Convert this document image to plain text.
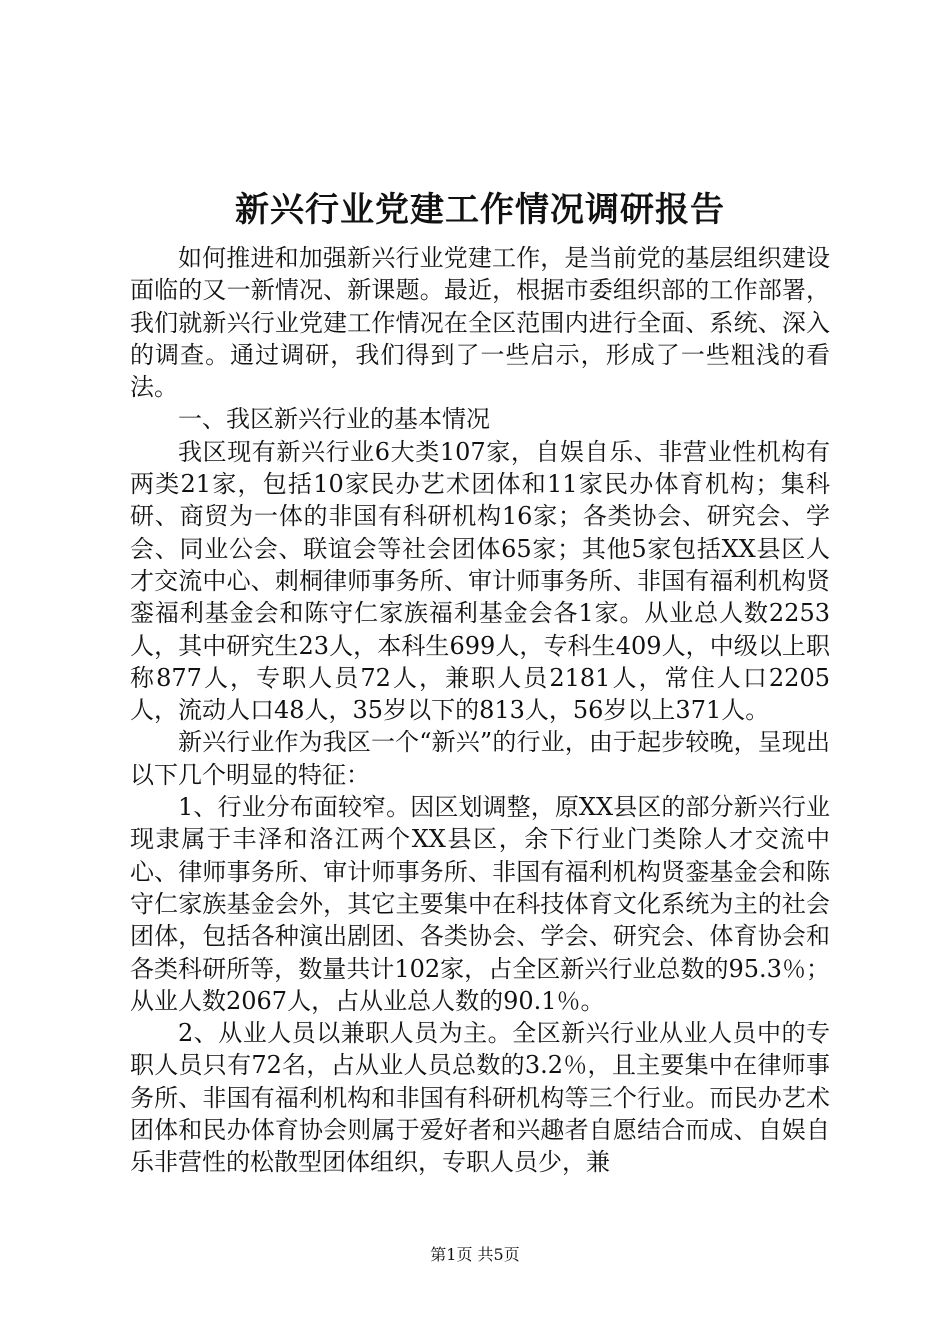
新兴行业党建工作情况调研报告

如何推进和加强新兴行业党建工作，是当前党的基层组织建设面临的又一新情况、新课题。最近，根据市委组织部的工作部署，我们就新兴行业党建工作情况在全区范围内进行全面、系统、深入的调查。通过调研，我们得到了一些启示，形成了一些粗浅的看法。

一、我区新兴行业的基本情况

我区现有新兴行业6大类107家，自娱自乐、非营业性机构有两类21家，包括10家民办艺术团体和11家民办体育机构；集科研、商贸为一体的非国有科研机构16家；各类协会、研究会、学会、同业公会、联谊会等社会团体65家；其他5家包括XX县区人才交流中心、刺桐律师事务所、审计师事务所、非国有福利机构贤銮福利基金会和陈守仁家族福利基金会各1家。从业总人数2253人，其中研究生23人，本科生699人，专科生409人，中级以上职称877人，专职人员72人，兼职人员2181人，常住人口2205人，流动人口48人，35岁以下的813人，56岁以上371人。

新兴行业作为我区一个“新兴”的行业，由于起步较晚，呈现出以下几个明显的特征：

1、行业分布面较窄。因区划调整，原XX县区的部分新兴行业现隶属于丰泽和洛江两个XX县区，余下行业门类除人才交流中心、律师事务所、审计师事务所、非国有福利机构贤銮基金会和陈守仁家族基金会外，其它主要集中在科技体育文化系统为主的社会团体，包括各种演出剧团、各类协会、学会、研究会、体育协会和各类科研所等，数量共计102家，占全区新兴行业总数的95.3％；从业人数2067人，占从业总人数的90.1％。

2、从业人员以兼职人员为主。全区新兴行业从业人员中的专职人员只有72名，占从业人员总数的3.2％，且主要集中在律师事务所、非国有福利机构和非国有科研机构等三个行业。而民办艺术团体和民办体育协会则属于爱好者和兴趣者自愿结合而成、自娱自乐非营性的松散型团体组织，专职人员少，兼

第1页 共5页
